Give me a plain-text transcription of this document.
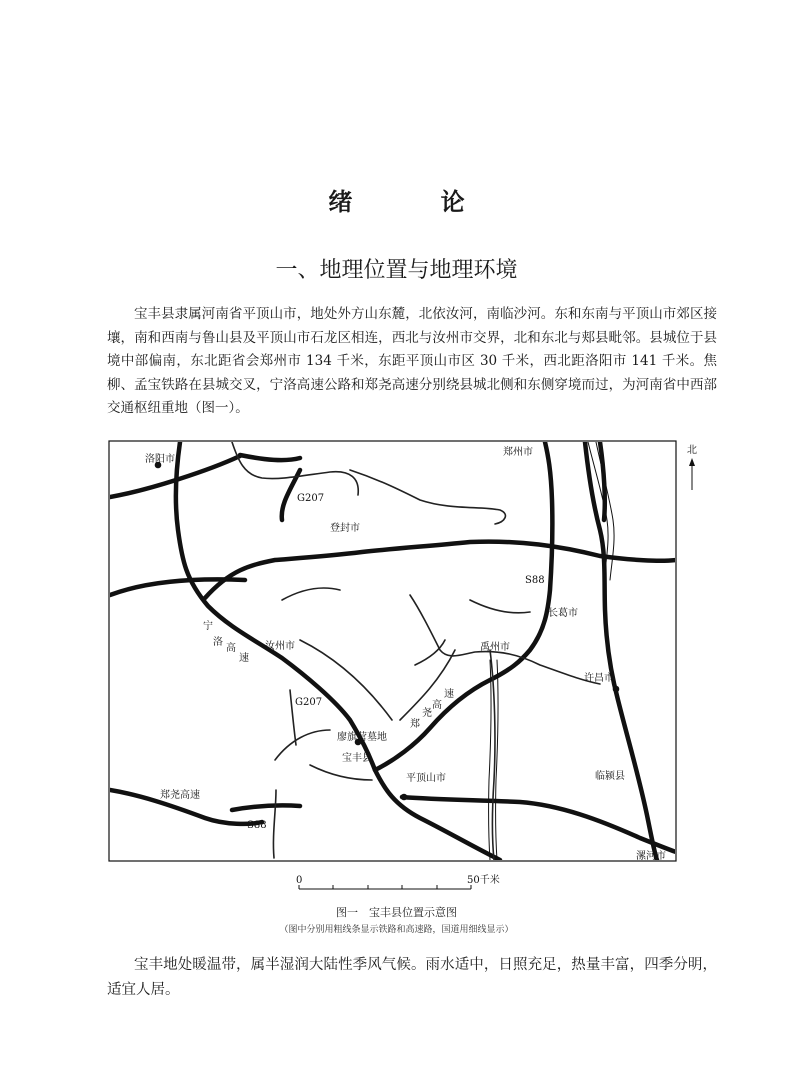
绪 论
一、地理位置与地理环境

宝丰县隶属河南省平顶山市，地处外方山东麓，北依汝河，南临沙河。东和东南与平顶山市郊区接壤，南和西南与鲁山县及平顶山市石龙区相连，西北与汝州市交界，北和东北与郏县毗邻。县城位于县境中部偏南，东北距省会郑州市 134 千米，东距平顶山市区 30 千米，西北距洛阳市 141 千米。焦柳、孟宝铁路在县城交叉，宁洛高速公路和郑尧高速分别绕县城北侧和东侧穿境而过，为河南省中西部交通枢纽重地（图一）。

洛阳市
郑州市
登封市
长葛市
汝州市	禹州市
许昌市
廖旗营墓地
宝丰县
平顶山市	临颍县
漯河市
G207
G207
S88
S88
郑尧高速
宁
洛
高
速
速
高
尧
郑
北
0	50千米
图一　宝丰县位置示意图
（图中分别用粗线条显示铁路和高速路，国道用细线显示）

宝丰地处暖温带，属半湿润大陆性季风气候。雨水适中，日照充足，热量丰富，四季分明，适宜人居。
